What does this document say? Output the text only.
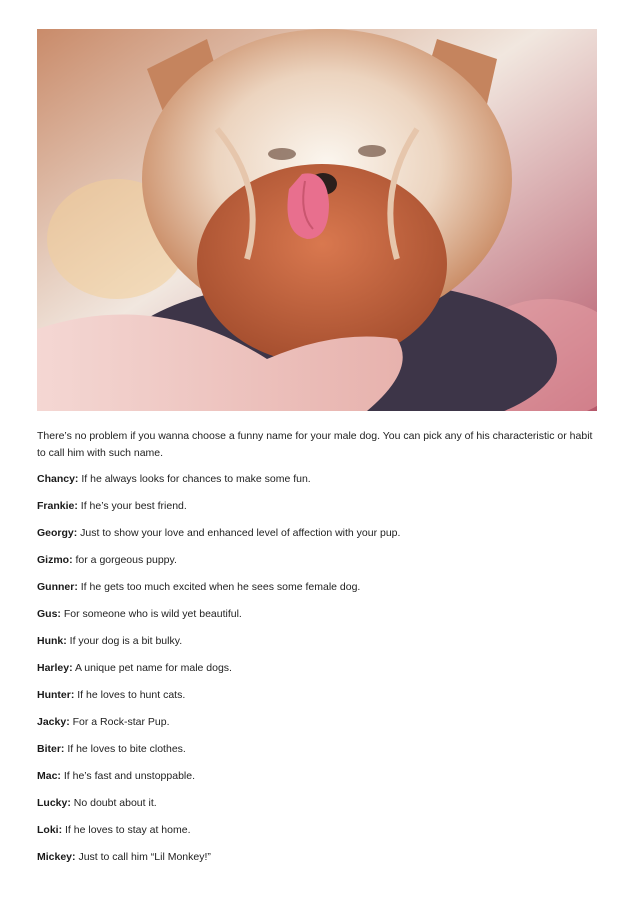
There’s no problem if you wanna choose a funny name for your male dog. You can pick any of his characteristic or habit to call him with such name.

Chancy: If he always looks for chances to make some fun.

Frankie: If he’s your best friend.

Georgy: Just to show your love and enhanced level of affection with your pup.

Gizmo: for a gorgeous puppy.

Gunner: If he gets too much excited when he sees some female dog.

Gus: For someone who is wild yet beautiful.

Hunk: If your dog is a bit bulky.

Harley: A unique pet name for male dogs.

Hunter: If he loves to hunt cats.

Jacky: For a Rock-star Pup.

Biter: If he loves to bite clothes.

Mac: If he’s fast and unstoppable.

Lucky: No doubt about it.

Loki: If he loves to stay at home.

Mickey: Just to call him “Lil Monkey!”
